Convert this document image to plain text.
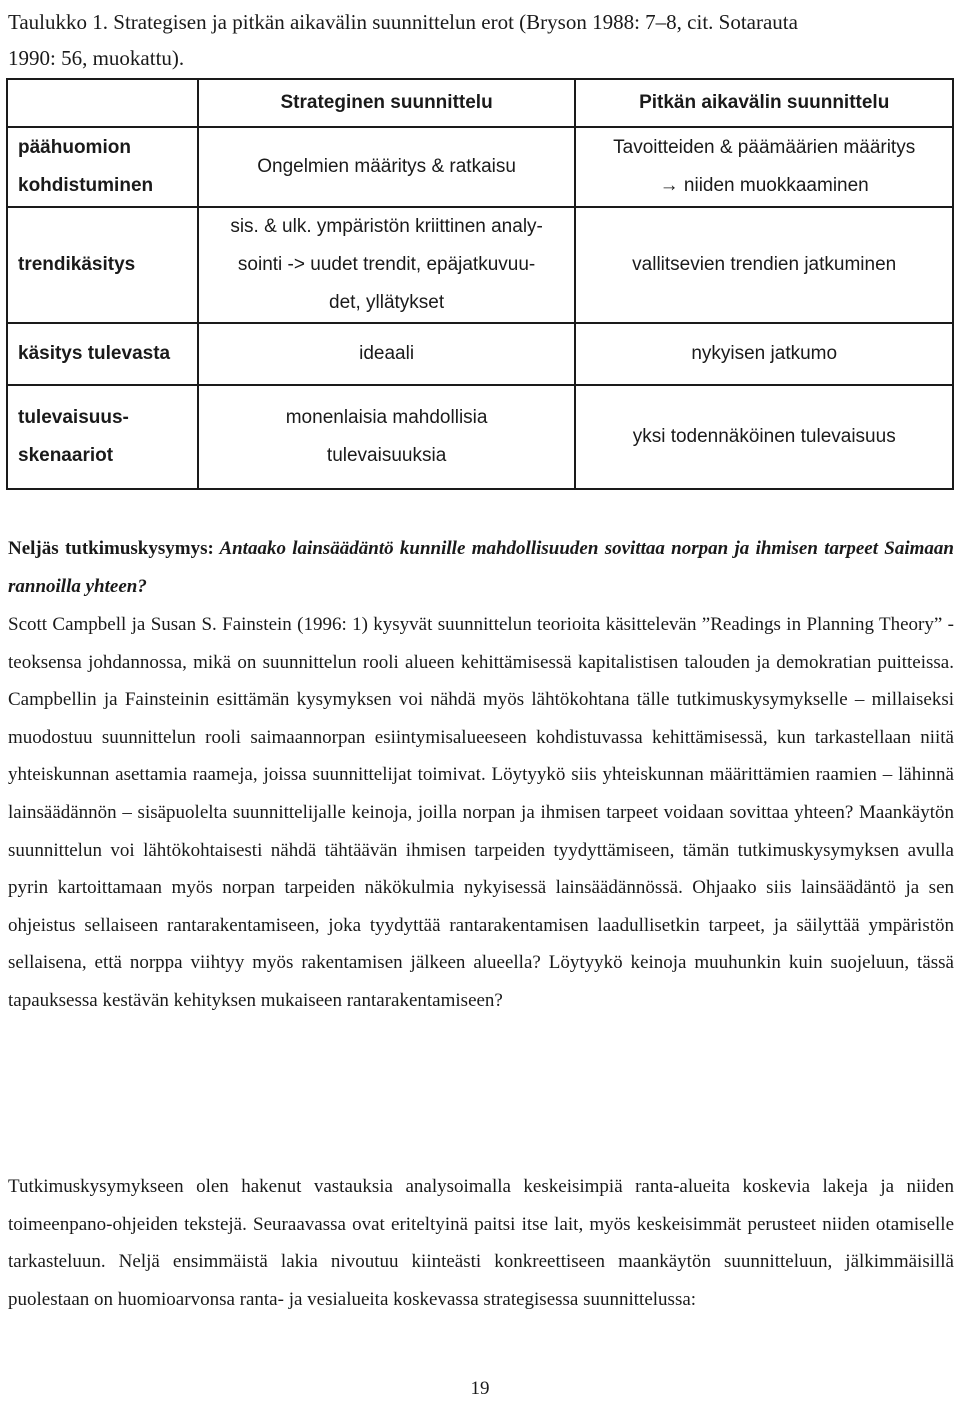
Taulukko 1. Strategisen ja pitkän aikavälin suunnittelun erot (Bryson 1988: 7–8, cit. Sotarauta
1990: 56, muokattu).
	Strateginen suunnittelu	Pitkän aikavälin suunnittelu

päähuomion
kohdistuminen	Ongelmien määritys & ratkaisu	Tavoitteiden & päämäärien määritys
→ niiden muokkaaminen

trendikäsitys	sis. & ulk. ympäristön kriittinen analy-
sointi -> uudet trendit, epäjatkuvuu-
det, yllätykset	vallitsevien trendien jatkuminen

käsitys tulevasta	ideaali	nykyisen jatkumo

tulevaisuus-
skenaariot	monenlaisia mahdollisia
tulevaisuuksia	yksi todennäköinen tulevaisuus
Neljäs tutkimuskysymys: Antaako lainsäädäntö kunnille mahdollisuuden sovittaa norpan ja ihmisen tarpeet Saimaan rannoilla yhteen?
Scott Campbell ja Susan S. Fainstein (1996: 1) kysyvät suunnittelun teorioita käsittelevän ”Readings in Planning Theory” -teoksensa johdannossa, mikä on suunnittelun rooli alueen kehittämisessä kapitalistisen talouden ja demokratian puitteissa. Campbellin ja Fainsteinin esittämän kysymyksen voi nähdä myös lähtökohtana tälle tutkimuskysymykselle – millaiseksi muodostuu suunnittelun rooli saimaannorpan esiintymisalueeseen kohdistuvassa kehittämisessä, kun tarkastellaan niitä yhteiskunnan asettamia raameja, joissa suunnittelijat toimivat. Löytyykö siis yhteiskunnan määrittämien raamien – lähinnä lainsäädännön – sisäpuolelta suunnittelijalle keinoja, joilla norpan ja ihmisen tarpeet voidaan sovittaa yhteen? Maankäytön suunnittelun voi lähtökohtaisesti nähdä tähtäävän ihmisen tarpeiden tyydyttämiseen, tämän tutkimuskysymyksen avulla pyrin kartoittamaan myös norpan tarpeiden näkökulmia nykyisessä lainsäädännössä. Ohjaako siis lainsäädäntö ja sen ohjeistus sellaiseen rantarakentamiseen, joka tyydyttää rantarakentamisen laadullisetkin tarpeet, ja säilyttää ympäristön sellaisena, että norppa viihtyy myös rakentamisen jälkeen alueella? Löytyykö keinoja muuhunkin kuin suojeluun, tässä tapauksessa kestävän kehityksen mukaiseen rantarakentamiseen?
Tutkimuskysymykseen olen hakenut vastauksia analysoimalla keskeisimpiä ranta-alueita koskevia lakeja ja niiden toimeenpano-ohjeiden tekstejä. Seuraavassa ovat eriteltyinä paitsi itse lait, myös keskeisimmät perusteet niiden otamiselle tarkasteluun. Neljä ensimmäistä lakia nivoutuu kiinteästi konkreettiseen maankäytön suunnitteluun, jälkimmäisillä puolestaan on huomioarvonsa ranta- ja vesialueita koskevassa strategisessa suunnittelussa:
19
